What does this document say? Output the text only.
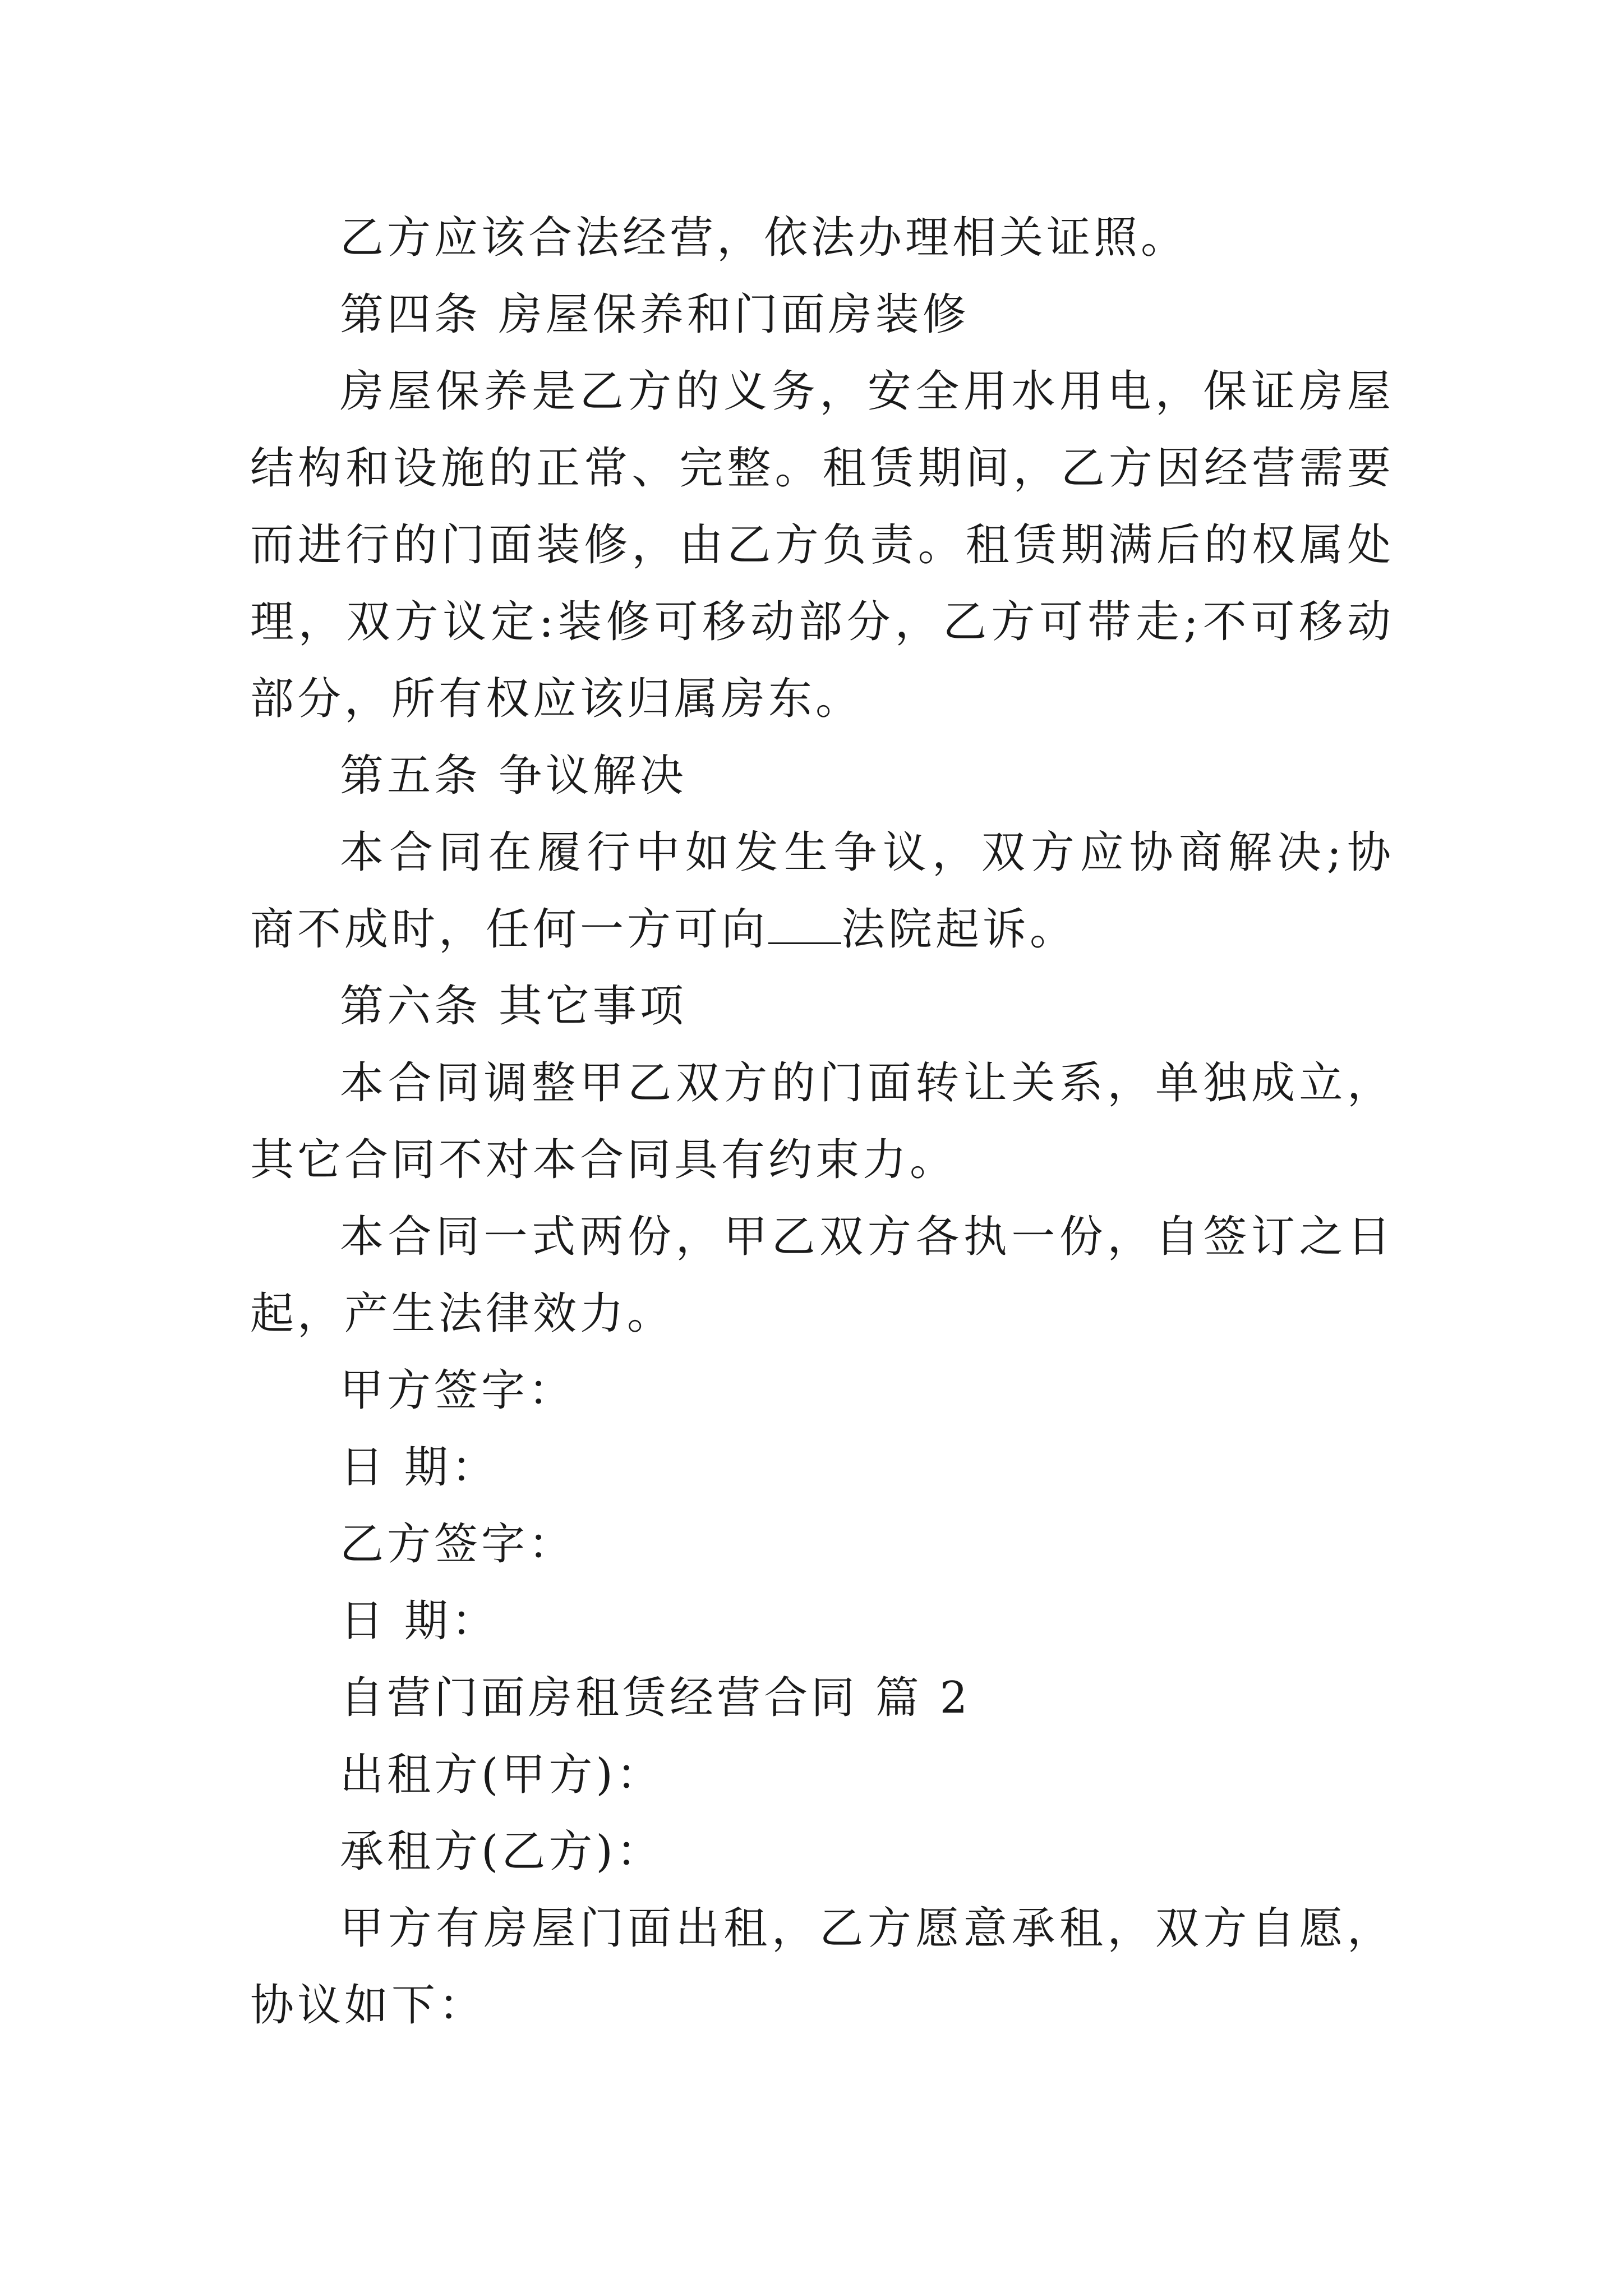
乙方应该合法经营，依法办理相关证照。

第四条 房屋保养和门面房装修

房屋保养是乙方的义务，安全用水用电，保证房屋结构和设施的正常、完整。租赁期间，乙方因经营需要而进行的门面装修，由乙方负责。租赁期满后的权属处理，双方议定:装修可移动部分，乙方可带走;不可移动部分，所有权应该归属房东。

第五条 争议解决

本合同在履行中如发生争议，双方应协商解决;协商不成时，任何一方可向 法院起诉。

第六条 其它事项

本合同调整甲乙双方的门面转让关系，单独成立，其它合同不对本合同具有约束力。

本合同一式两份，甲乙双方各执一份，自签订之日起，产生法律效力。

甲方签字：

日 期：

乙方签字：

日 期：

自营门面房租赁经营合同 篇 2

出租方(甲方)：

承租方(乙方)：

甲方有房屋门面出租，乙方愿意承租，双方自愿，协议如下：
